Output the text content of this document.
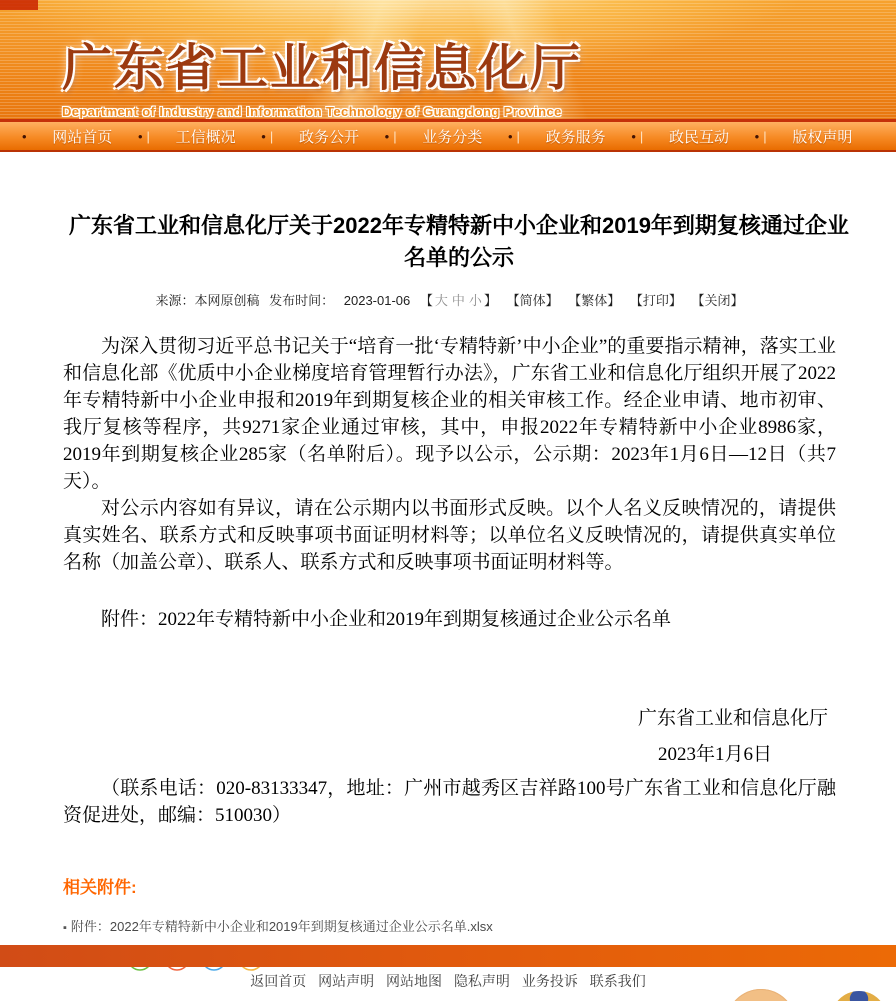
广东省工业和信息化厅
Department of Industry and Information Technology of Guangdong Province
•	网站首页	• |	工信概况	• |	政务公开	• |	业务分类	• |	政务服务	• |	政民互动	• |	版权声明
广东省工业和信息化厅关于2022年专精特新中小企业和2019年到期复核通过企业名单的公示
来源：本网原创稿 发布时间： 2023-01-06 【 大 中 小 】 【简体】 【繁体】 【打印】 【关闭】

为深入贯彻习近平总书记关于“培育一批‘专精特新’中小企业”的重要指示精神，落实工业和信息化部《优质中小企业梯度培育管理暂行办法》，广东省工业和信息化厅组织开展了2022年专精特新中小企业申报和2019年到期复核企业的相关审核工作。经企业申请、地市初审、我厅复核等程序，共9271家企业通过审核，其中，申报2022年专精特新中小企业8986家，2019年到期复核企业285家（名单附后）。现予以公示，公示期：2023年1月6日—12日（共7天）。

对公示内容如有异议，请在公示期内以书面形式反映。以个人名义反映情况的，请提供真实姓名、联系方式和反映事项书面证明材料等；以单位名义反映情况的，请提供真实单位名称（加盖公章）、联系人、联系方式和反映事项书面证明材料等。

附件：2022年专精特新中小企业和2019年到期复核通过企业公示名单

广东省工业和信息化厅

2023年1月6日

（联系电话：020-83133347，地址：广州市越秀区吉祥路100号广东省工业和信息化厅融资促进处，邮编：510030）

相关附件:

▪ 附件：2022年专精特新中小企业和2019年到期复核通过企业公示名单.xlsx

返回首页 网站声明 网站地图 隐私声明 业务投诉 联系我们
